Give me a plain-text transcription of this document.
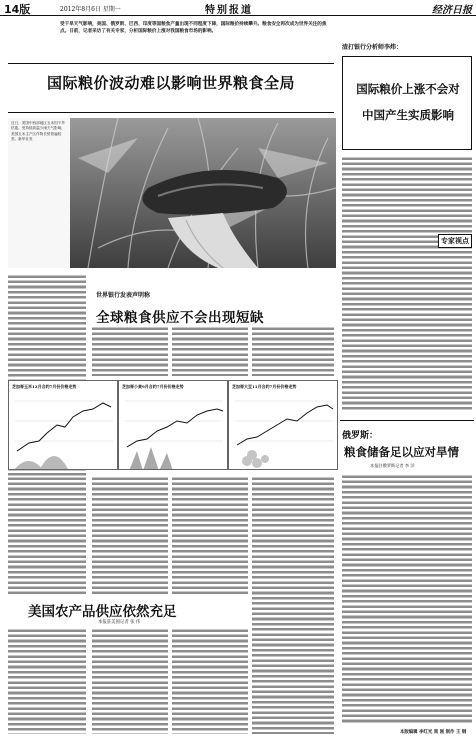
14版	2012年8月6日 星期一	特别报道	经济日报
受干旱天气影响，美国、俄罗斯、巴西、印度等国粮食产量出现不同程度下降，国际粮价持续攀升。粮食安全再次成为世界关注的焦点。日前，记者采访了有关专家，分析国际粮价上涨对我国粮食市场的影响。
国际粮价波动难以影响世界粮食全局
近日，美国中西部地区玉米因干旱枯萎。受持续高温少雨天气影响，美国玉米主产区作物长势普遍较差。新华社发
世界银行发表声明称
全球粮食供应不会出现短缺
芝加哥玉米12月合约7月份价格走势	芝加哥小麦9月合约7月份价格走势	芝加哥大豆11月合约7月份价格走势
美国农产品供应依然充足
本报驻美国记者 张 伟
渣打银行分析师李炜：
国际粮价上涨不会对
中国产生实质影响
专家视点
俄罗斯：
粮食储备足以应对旱情
本报驻俄罗斯记者 李 洋
本版编辑 李红光 周 刚 制作 王 钢
